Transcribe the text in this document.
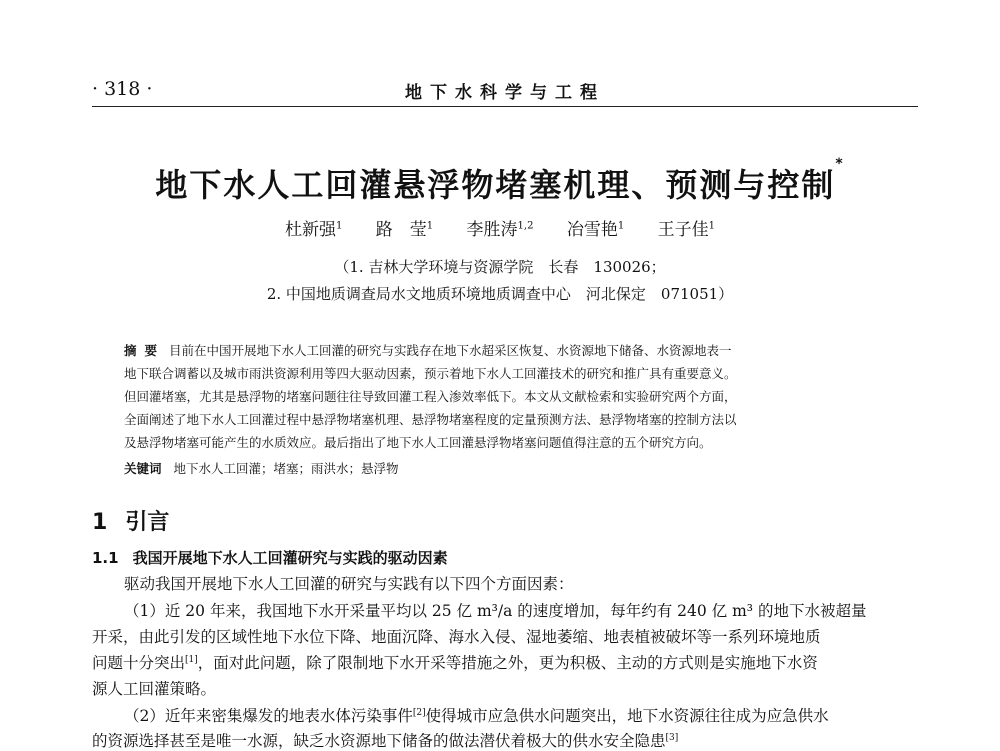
地下水科学与工程
· 318 ·
地下水人工回灌悬浮物堵塞机理、预测与控制*
杜新强$^1$ 路　莹$^1$ 李胜涛$^{1,2}$ 冶雪艳$^1$ 王子佳$^1$
（1. 吉林大学环境与资源学院　长春　130026；
2. 中国地质调查局水文地质环境地质调查中心　河北保定　071051）
摘要 目前在中国开展地下水人工回灌的研究与实践存在地下水超采区恢复、水资源地下储备、水资源地表一
地下联合调蓄以及城市雨洪资源利用等四大驱动因素，预示着地下水人工回灌技术的研究和推广具有重要意义。
但回灌堵塞，尤其是悬浮物的堵塞问题往往导致回灌工程入渗效率低下。本文从文献检索和实验研究两个方面，
全面阐述了地下水人工回灌过程中悬浮物堵塞机理、悬浮物堵塞程度的定量预测方法、悬浮物堵塞的控制方法以
及悬浮物堵塞可能产生的水质效应。最后指出了地下水人工回灌悬浮物堵塞问题值得注意的五个研究方向。
关键词 地下水人工回灌；堵塞；雨洪水；悬浮物
1 引言
1.1 我国开展地下水人工回灌研究与实践的驱动因素
驱动我国开展地下水人工回灌的研究与实践有以下四个方面因素：
（1）近 20 年来，我国地下水开采量平均以 25 亿 m³/a 的速度增加，每年约有 240 亿 m³ 的地下水被超量
开采，由此引发的区域性地下水位下降、地面沉降、海水入侵、湿地萎缩、地表植被破坏等一系列环境地质
问题十分突出[1]，面对此问题，除了限制地下水开采等措施之外，更为积极、主动的方式则是实施地下水资
源人工回灌策略。
（2）近年来密集爆发的地表水体污染事件[2]使得城市应急供水问题突出，地下水资源往往成为应急供水
的资源选择甚至是唯一水源，缺乏水资源地下储备的做法潜伏着极大的供水安全隐患[3]
